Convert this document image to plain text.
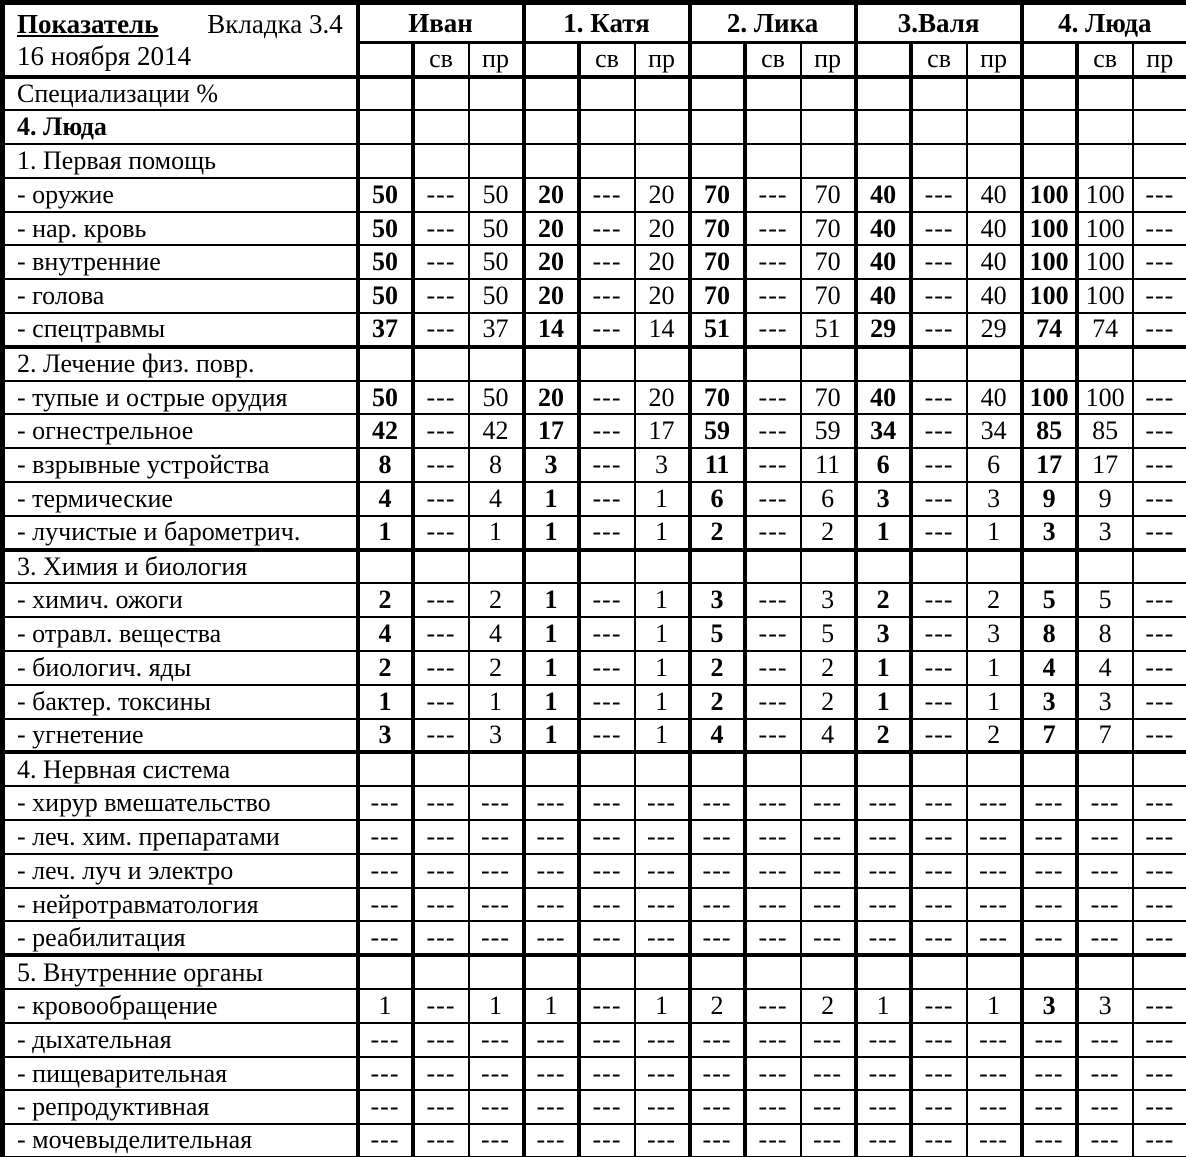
Показатель Вкладка 3.4
16 ноября 2014	Иван			1. Катя			2. Лика			3.Валя			4. Люда		
		св	пр		св	пр		св	пр		св	пр		св	пр
Специализации %															
4. Люда															
1. Первая помощь															
- оружие	50	---	50	20	---	20	70	---	70	40	---	40	100	100	---
- нар. кровь	50	---	50	20	---	20	70	---	70	40	---	40	100	100	---
- внутренние	50	---	50	20	---	20	70	---	70	40	---	40	100	100	---
- голова	50	---	50	20	---	20	70	---	70	40	---	40	100	100	---
- спецтравмы	37	---	37	14	---	14	51	---	51	29	---	29	74	74	---
2. Лечение физ. повр.															
- тупые и острые орудия	50	---	50	20	---	20	70	---	70	40	---	40	100	100	---
- огнестрельное	42	---	42	17	---	17	59	---	59	34	---	34	85	85	---
- взрывные устройства	8	---	8	3	---	3	11	---	11	6	---	6	17	17	---
- термические	4	---	4	1	---	1	6	---	6	3	---	3	9	9	---
- лучистые и барометрич.	1	---	1	1	---	1	2	---	2	1	---	1	3	3	---
3. Химия и биология															
- химич. ожоги	2	---	2	1	---	1	3	---	3	2	---	2	5	5	---
- отравл. вещества	4	---	4	1	---	1	5	---	5	3	---	3	8	8	---
- биологич. яды	2	---	2	1	---	1	2	---	2	1	---	1	4	4	---
- бактер. токсины	1	---	1	1	---	1	2	---	2	1	---	1	3	3	---
- угнетение	3	---	3	1	---	1	4	---	4	2	---	2	7	7	---
4. Нервная система															
- хирур вмешательство	---	---	---	---	---	---	---	---	---	---	---	---	---	---	---
- леч. хим. препаратами	---	---	---	---	---	---	---	---	---	---	---	---	---	---	---
- леч. луч и электро	---	---	---	---	---	---	---	---	---	---	---	---	---	---	---
- нейротравматология	---	---	---	---	---	---	---	---	---	---	---	---	---	---	---
- реабилитация	---	---	---	---	---	---	---	---	---	---	---	---	---	---	---
5. Внутренние органы															
- кровообращение	1	---	1	1	---	1	2	---	2	1	---	1	3	3	---
- дыхательная	---	---	---	---	---	---	---	---	---	---	---	---	---	---	---
- пищеварительная	---	---	---	---	---	---	---	---	---	---	---	---	---	---	---
- репродуктивная	---	---	---	---	---	---	---	---	---	---	---	---	---	---	---
- мочевыделительная	---	---	---	---	---	---	---	---	---	---	---	---	---	---	---
